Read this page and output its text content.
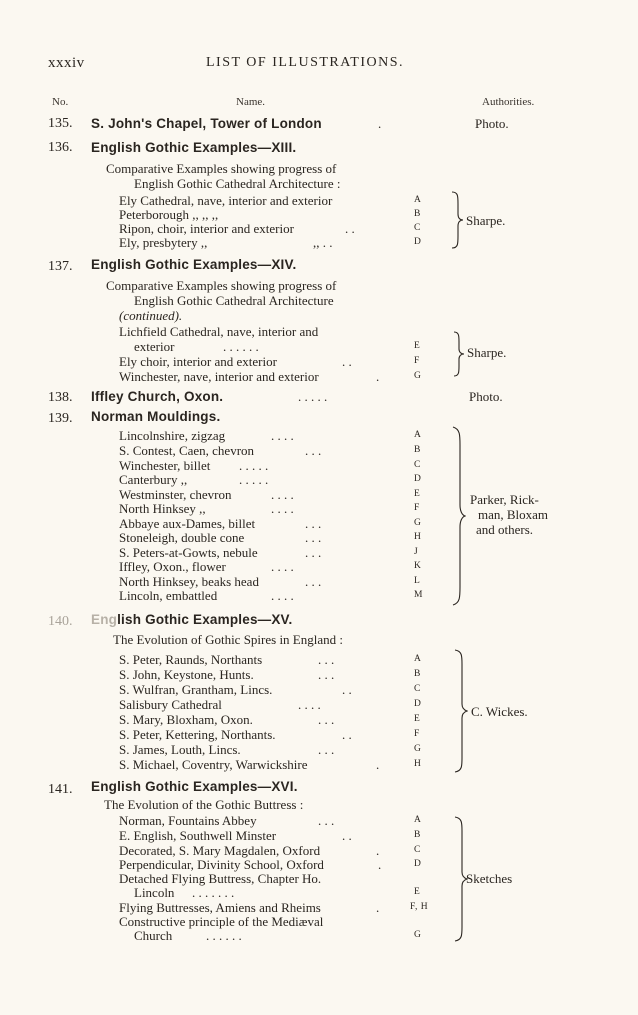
xxxiv	LIST OF ILLUSTRATIONS.
No.	Name.	Authorities.
135. S. John's Chapel, Tower of London	.	Photo.
136. English Gothic Examples—XIII.
Comparative Examples showing progress of
English Gothic Cathedral Architecture :
Ely Cathedral, nave, interior and exterior	A
Peterborough ,, ,, ,,	B
Ripon, choir, interior and exterior	. .	C
Ely, presbytery ,,	,, . .	D
Sharpe.
137. English Gothic Examples—XIV.
Comparative Examples showing progress of
English Gothic Cathedral Architecture
(continued).
Lichfield Cathedral, nave, interior and
exterior	. . . . . .	E
Ely choir, interior and exterior	. .	F
Winchester, nave, interior and exterior	.	G
Sharpe.
138. Iffley Church, Oxon.	. . . . .	Photo.
139. Norman Mouldings.
Lincolnshire, zigzag	. . . .	A
S. Contest, Caen, chevron	. . .	B
Winchester, billet . . . . .	C
Canterbury ,,	. . . . .	D
Westminster, chevron	. . . .	E
North Hinksey ,,	. . . .	F
Abbaye aux-Dames, billet	. . .	G
Stoneleigh, double cone	. . .	H
S. Peters-at-Gowts, nebule	. . .	J
Iffley, Oxon., flower	. . . .	K
North Hinksey, beaks head	. . .	L
Lincoln, embattled	. . . .	M
Parker, Rick-
man, Bloxam
and others.
140. English Gothic Examples—XV.
The Evolution of Gothic Spires in England :
S. Peter, Raunds, Northants	. . .	A
S. John, Keystone, Hunts.	. . .	B
S. Wulfran, Grantham, Lincs.	. .	C
Salisbury Cathedral	. . . .	D
S. Mary, Bloxham, Oxon.	. . .	E
S. Peter, Kettering, Northants.	. .	F
S. James, Louth, Lincs.	. . .	G
S. Michael, Coventry, Warwickshire	.	H
C. Wickes.
141. English Gothic Examples—XVI.
The Evolution of the Gothic Buttress :
Norman, Fountains Abbey	. . .	A
E. English, Southwell Minster	. .	B
Decorated, S. Mary Magdalen, Oxford	.	C
Perpendicular, Divinity School, Oxford	.	D
Detached Flying Buttress, Chapter Ho.
Lincoln . . . . . . .	E
Flying Buttresses, Amiens and Rheims	.	F, H
Constructive principle of the Mediæval
Church	. . . . . .	G
Sketches
